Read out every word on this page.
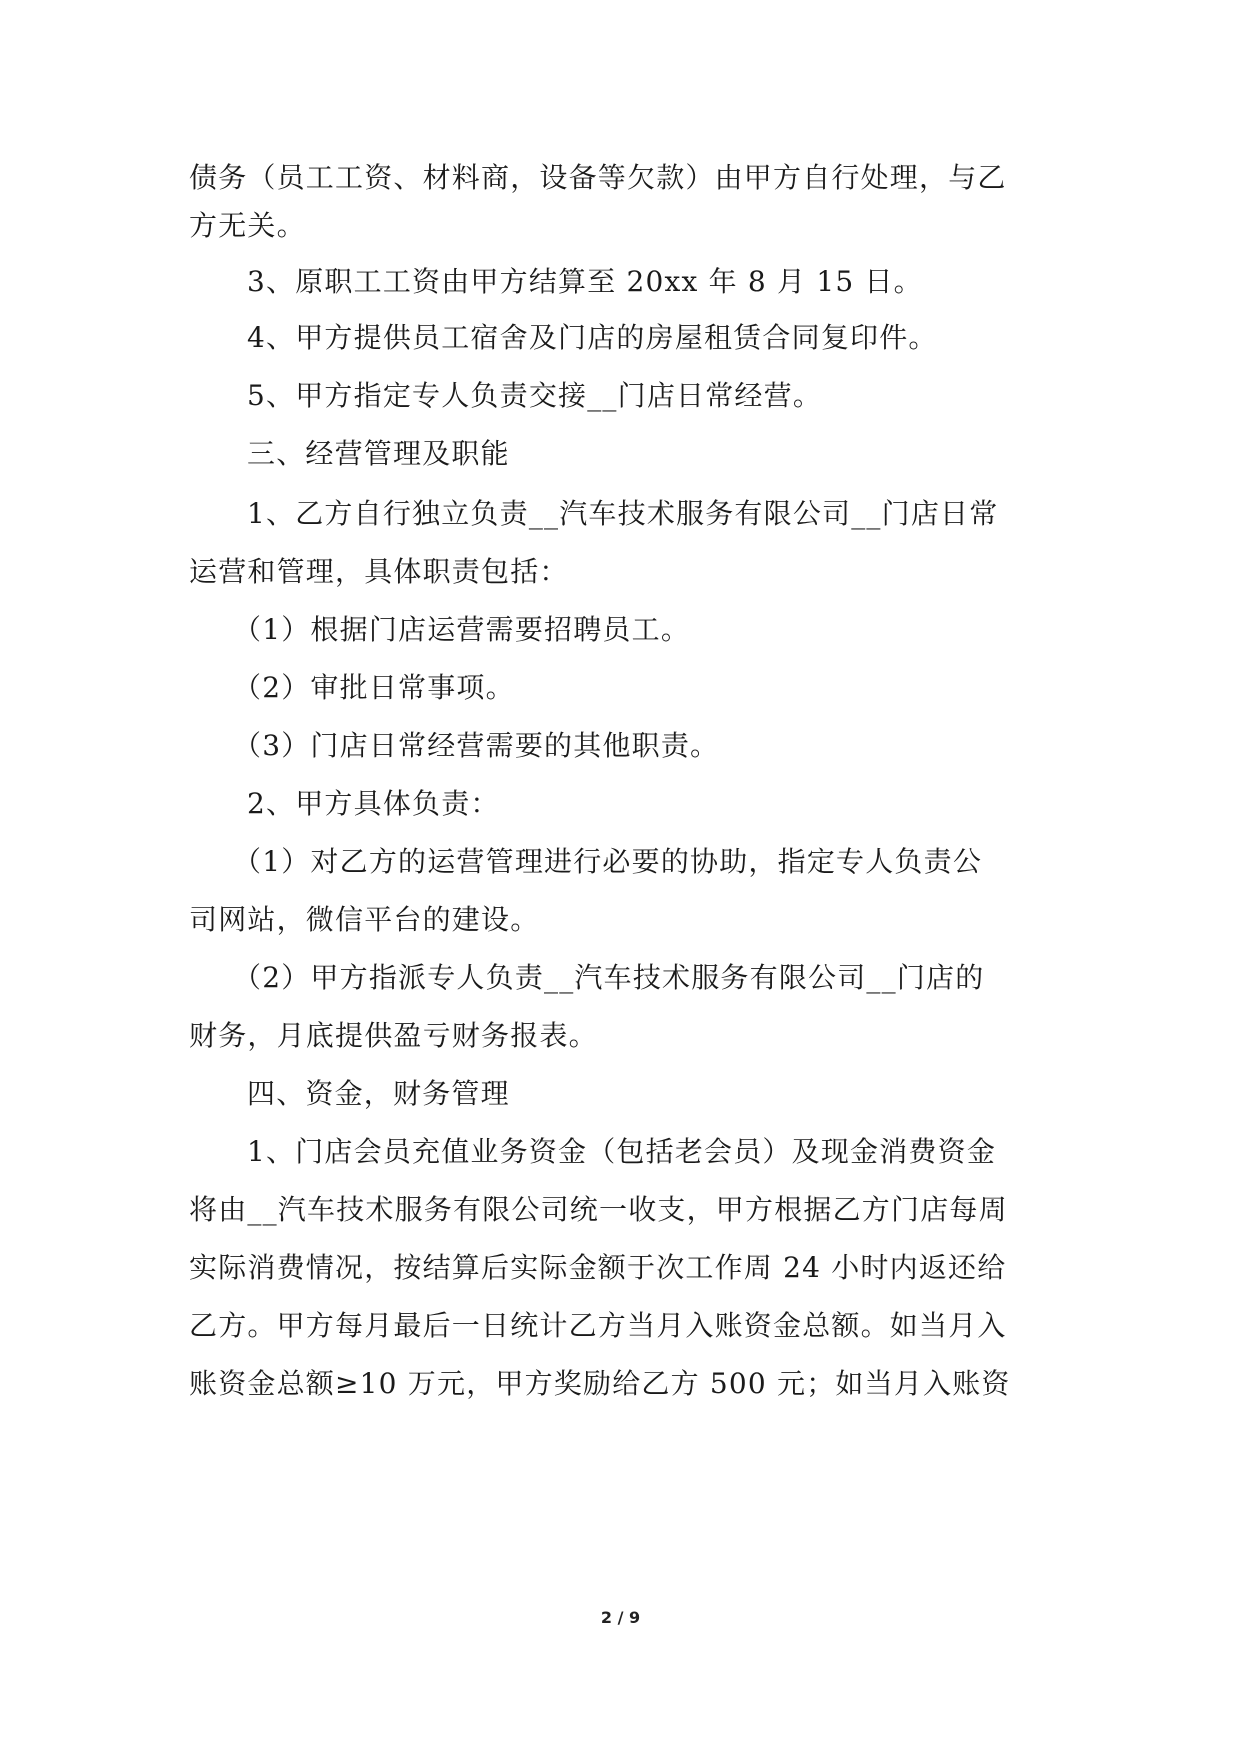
债务（员工工资、材料商，设备等欠款）由甲方自行处理，与乙
方无关。
3、原职工工资由甲方结算至 20xx 年 8 月 15 日。
4、甲方提供员工宿舍及门店的房屋租赁合同复印件。
5、甲方指定专人负责交接__门店日常经营。
三、经营管理及职能
1、乙方自行独立负责__汽车技术服务有限公司__门店日常
运营和管理，具体职责包括：
（1）根据门店运营需要招聘员工。
（2）审批日常事项。
（3）门店日常经营需要的其他职责。
2、甲方具体负责：
（1）对乙方的运营管理进行必要的协助，指定专人负责公
司网站，微信平台的建设。
（2）甲方指派专人负责__汽车技术服务有限公司__门店的
财务，月底提供盈亏财务报表。
四、资金，财务管理
1、门店会员充值业务资金（包括老会员）及现金消费资金
将由__汽车技术服务有限公司统一收支，甲方根据乙方门店每周
实际消费情况，按结算后实际金额于次工作周 24 小时内返还给
乙方。甲方每月最后一日统计乙方当月入账资金总额。如当月入
账资金总额≥10 万元，甲方奖励给乙方 500 元；如当月入账资
2 / 9
